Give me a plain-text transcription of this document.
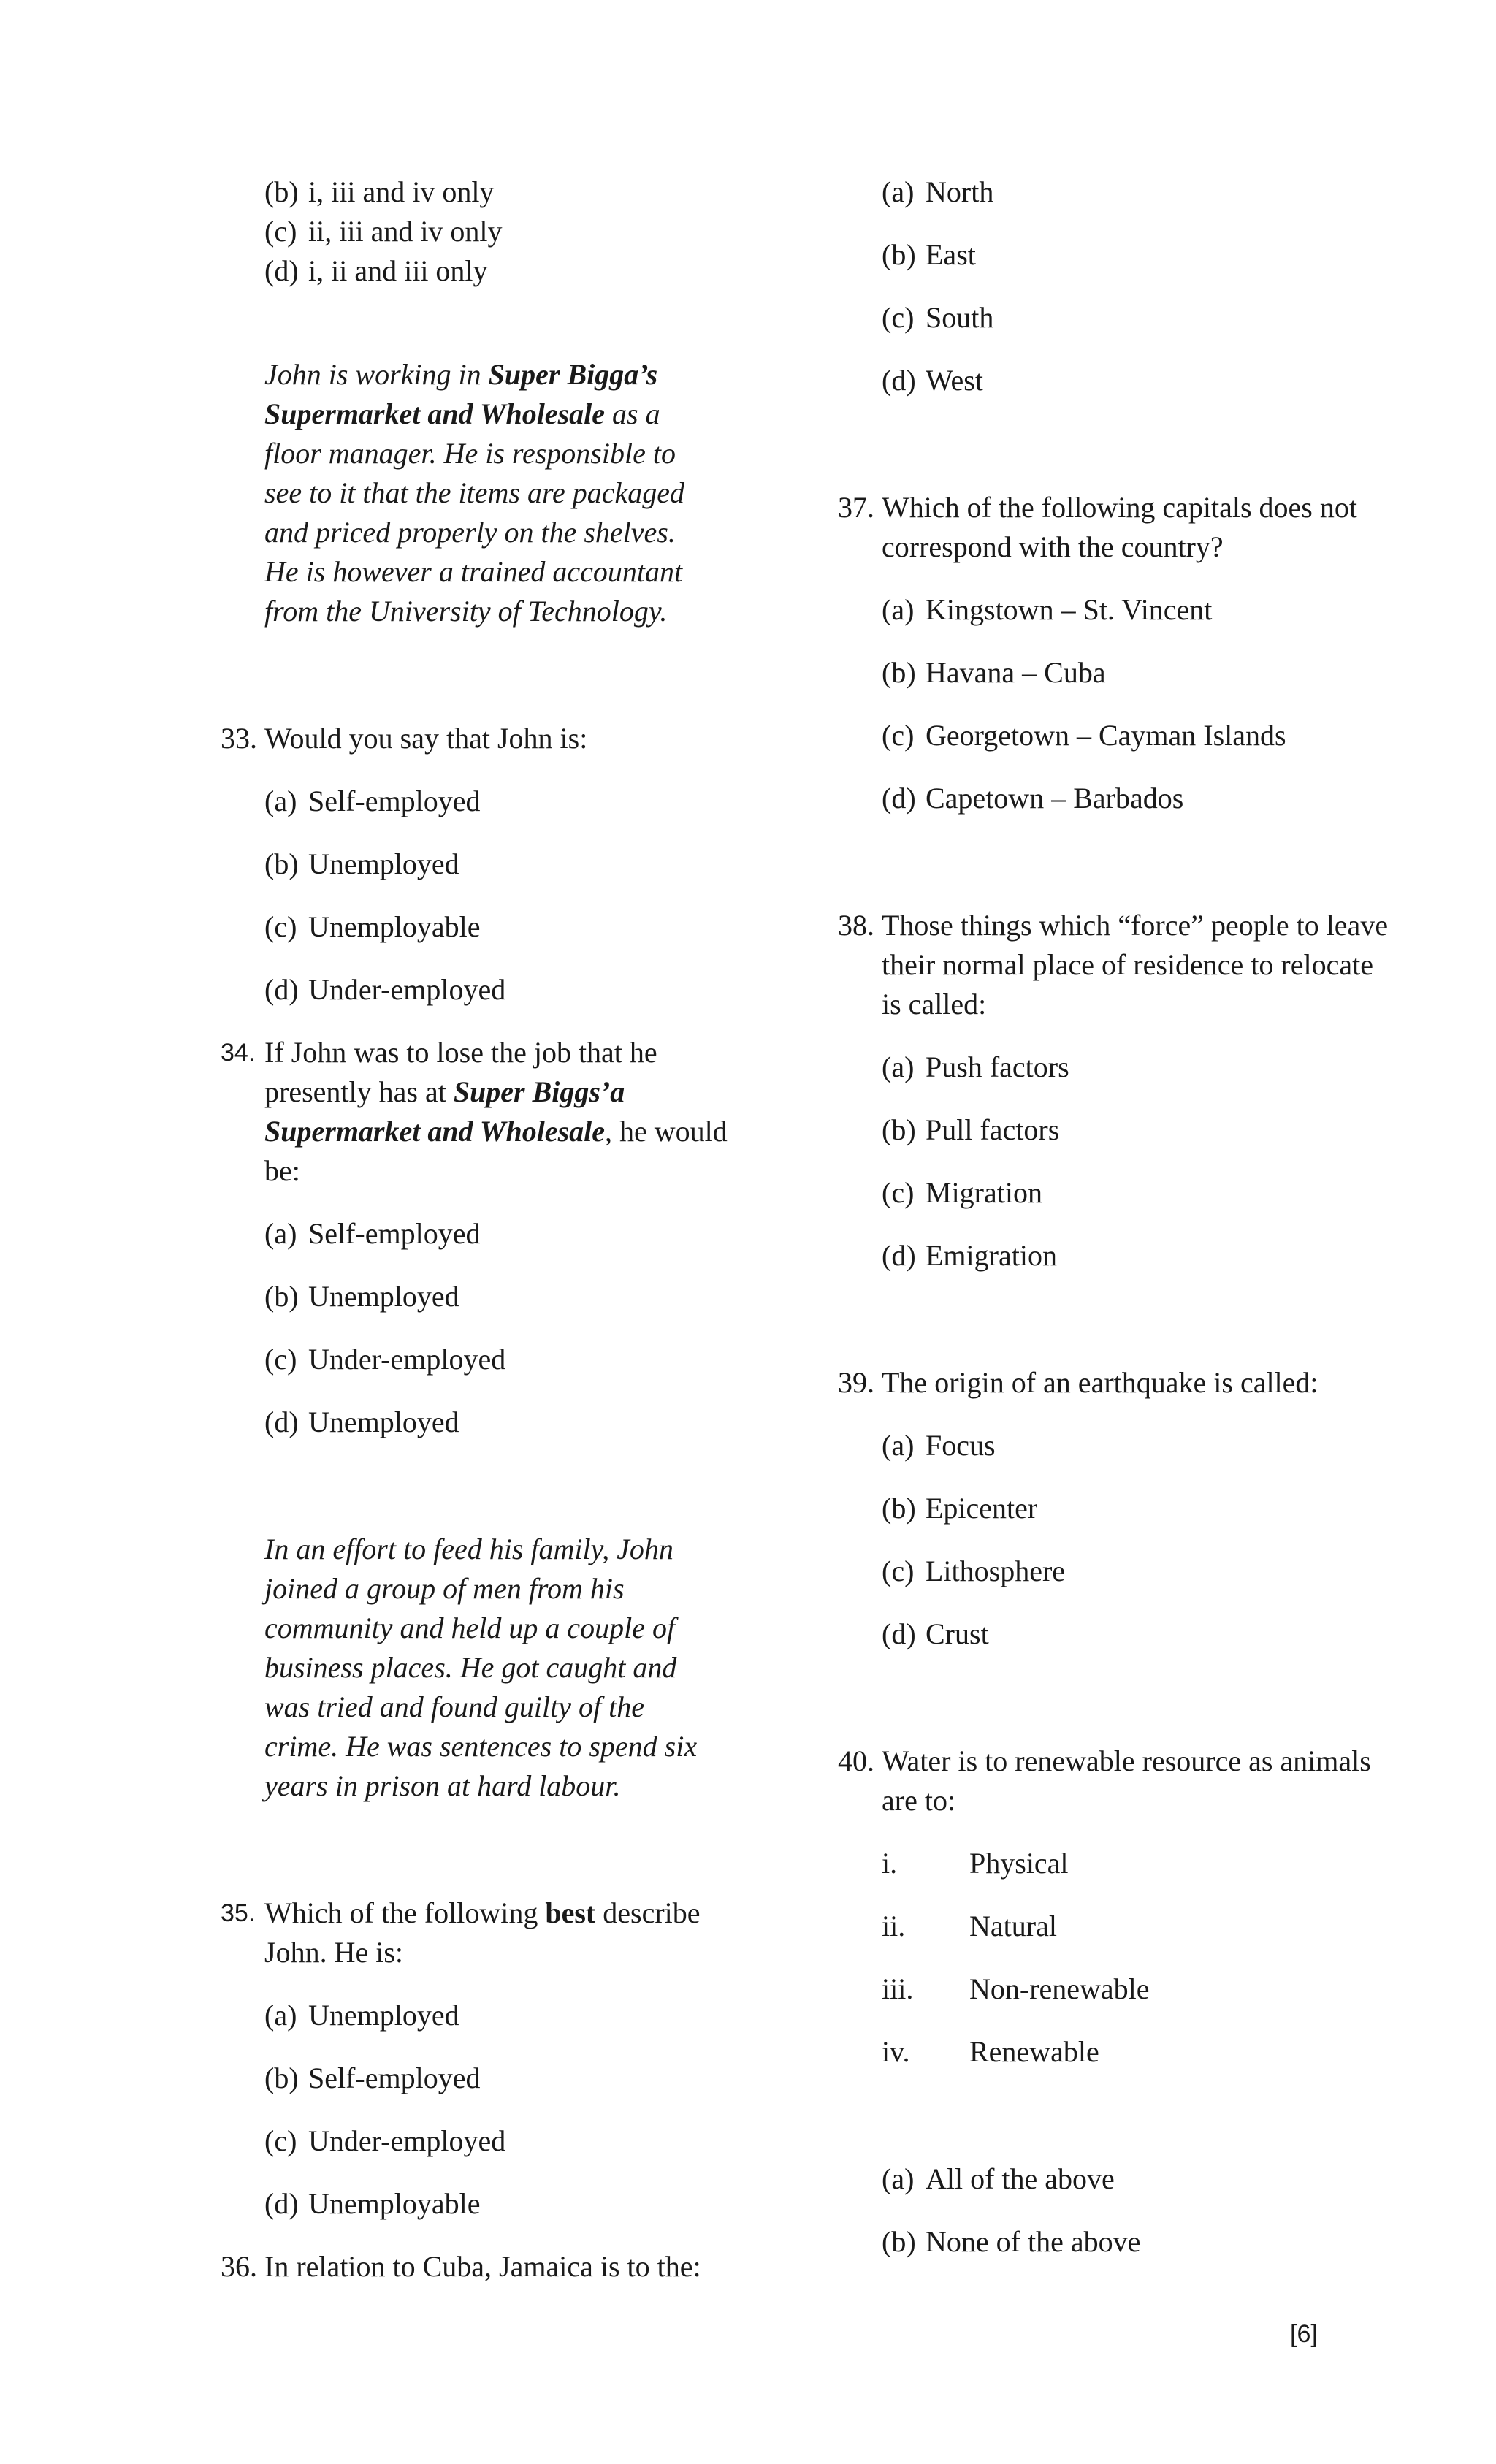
(b) i, iii and iv only
(c) ii, iii and iv only
(d) i, ii and iii only
John is working in Super Bigga’s Supermarket and Wholesale as a floor manager. He is responsible to see to it that the items are packaged and priced properly on the shelves. He is however a trained accountant from the University of Technology.
33. Would you say that John is:
(a) Self-employed
(b) Unemployed
(c) Unemployable
(d) Under-employed
34. If John was to lose the job that he presently has at Super Biggs’a Supermarket and Wholesale, he would be:
(a) Self-employed
(b) Unemployed
(c) Under-employed
(d) Unemployed
In an effort to feed his family, John joined a group of men from his community and held up a couple of business places. He got caught and was tried and found guilty of the crime. He was sentences to spend six years in prison at hard labour.
35. Which of the following best describe John. He is:
(a) Unemployed
(b) Self-employed
(c) Under-employed
(d) Unemployable
36. In relation to Cuba, Jamaica is to the:
(a) North
(b) East
(c) South
(d) West
37. Which of the following capitals does not correspond with the country?
(a) Kingstown – St. Vincent
(b) Havana – Cuba
(c) Georgetown – Cayman Islands
(d) Capetown – Barbados
38. Those things which “force” people to leave their normal place of residence to relocate is called:
(a) Push factors
(b) Pull factors
(c) Migration
(d) Emigration
39. The origin of an earthquake is called:
(a) Focus
(b) Epicenter
(c) Lithosphere
(d) Crust
40. Water is to renewable resource as animals are to:
i.	Physical
ii.	Natural
iii.	Non-renewable
iv.	Renewable
(a) All of the above
(b) None of the above
[6]
